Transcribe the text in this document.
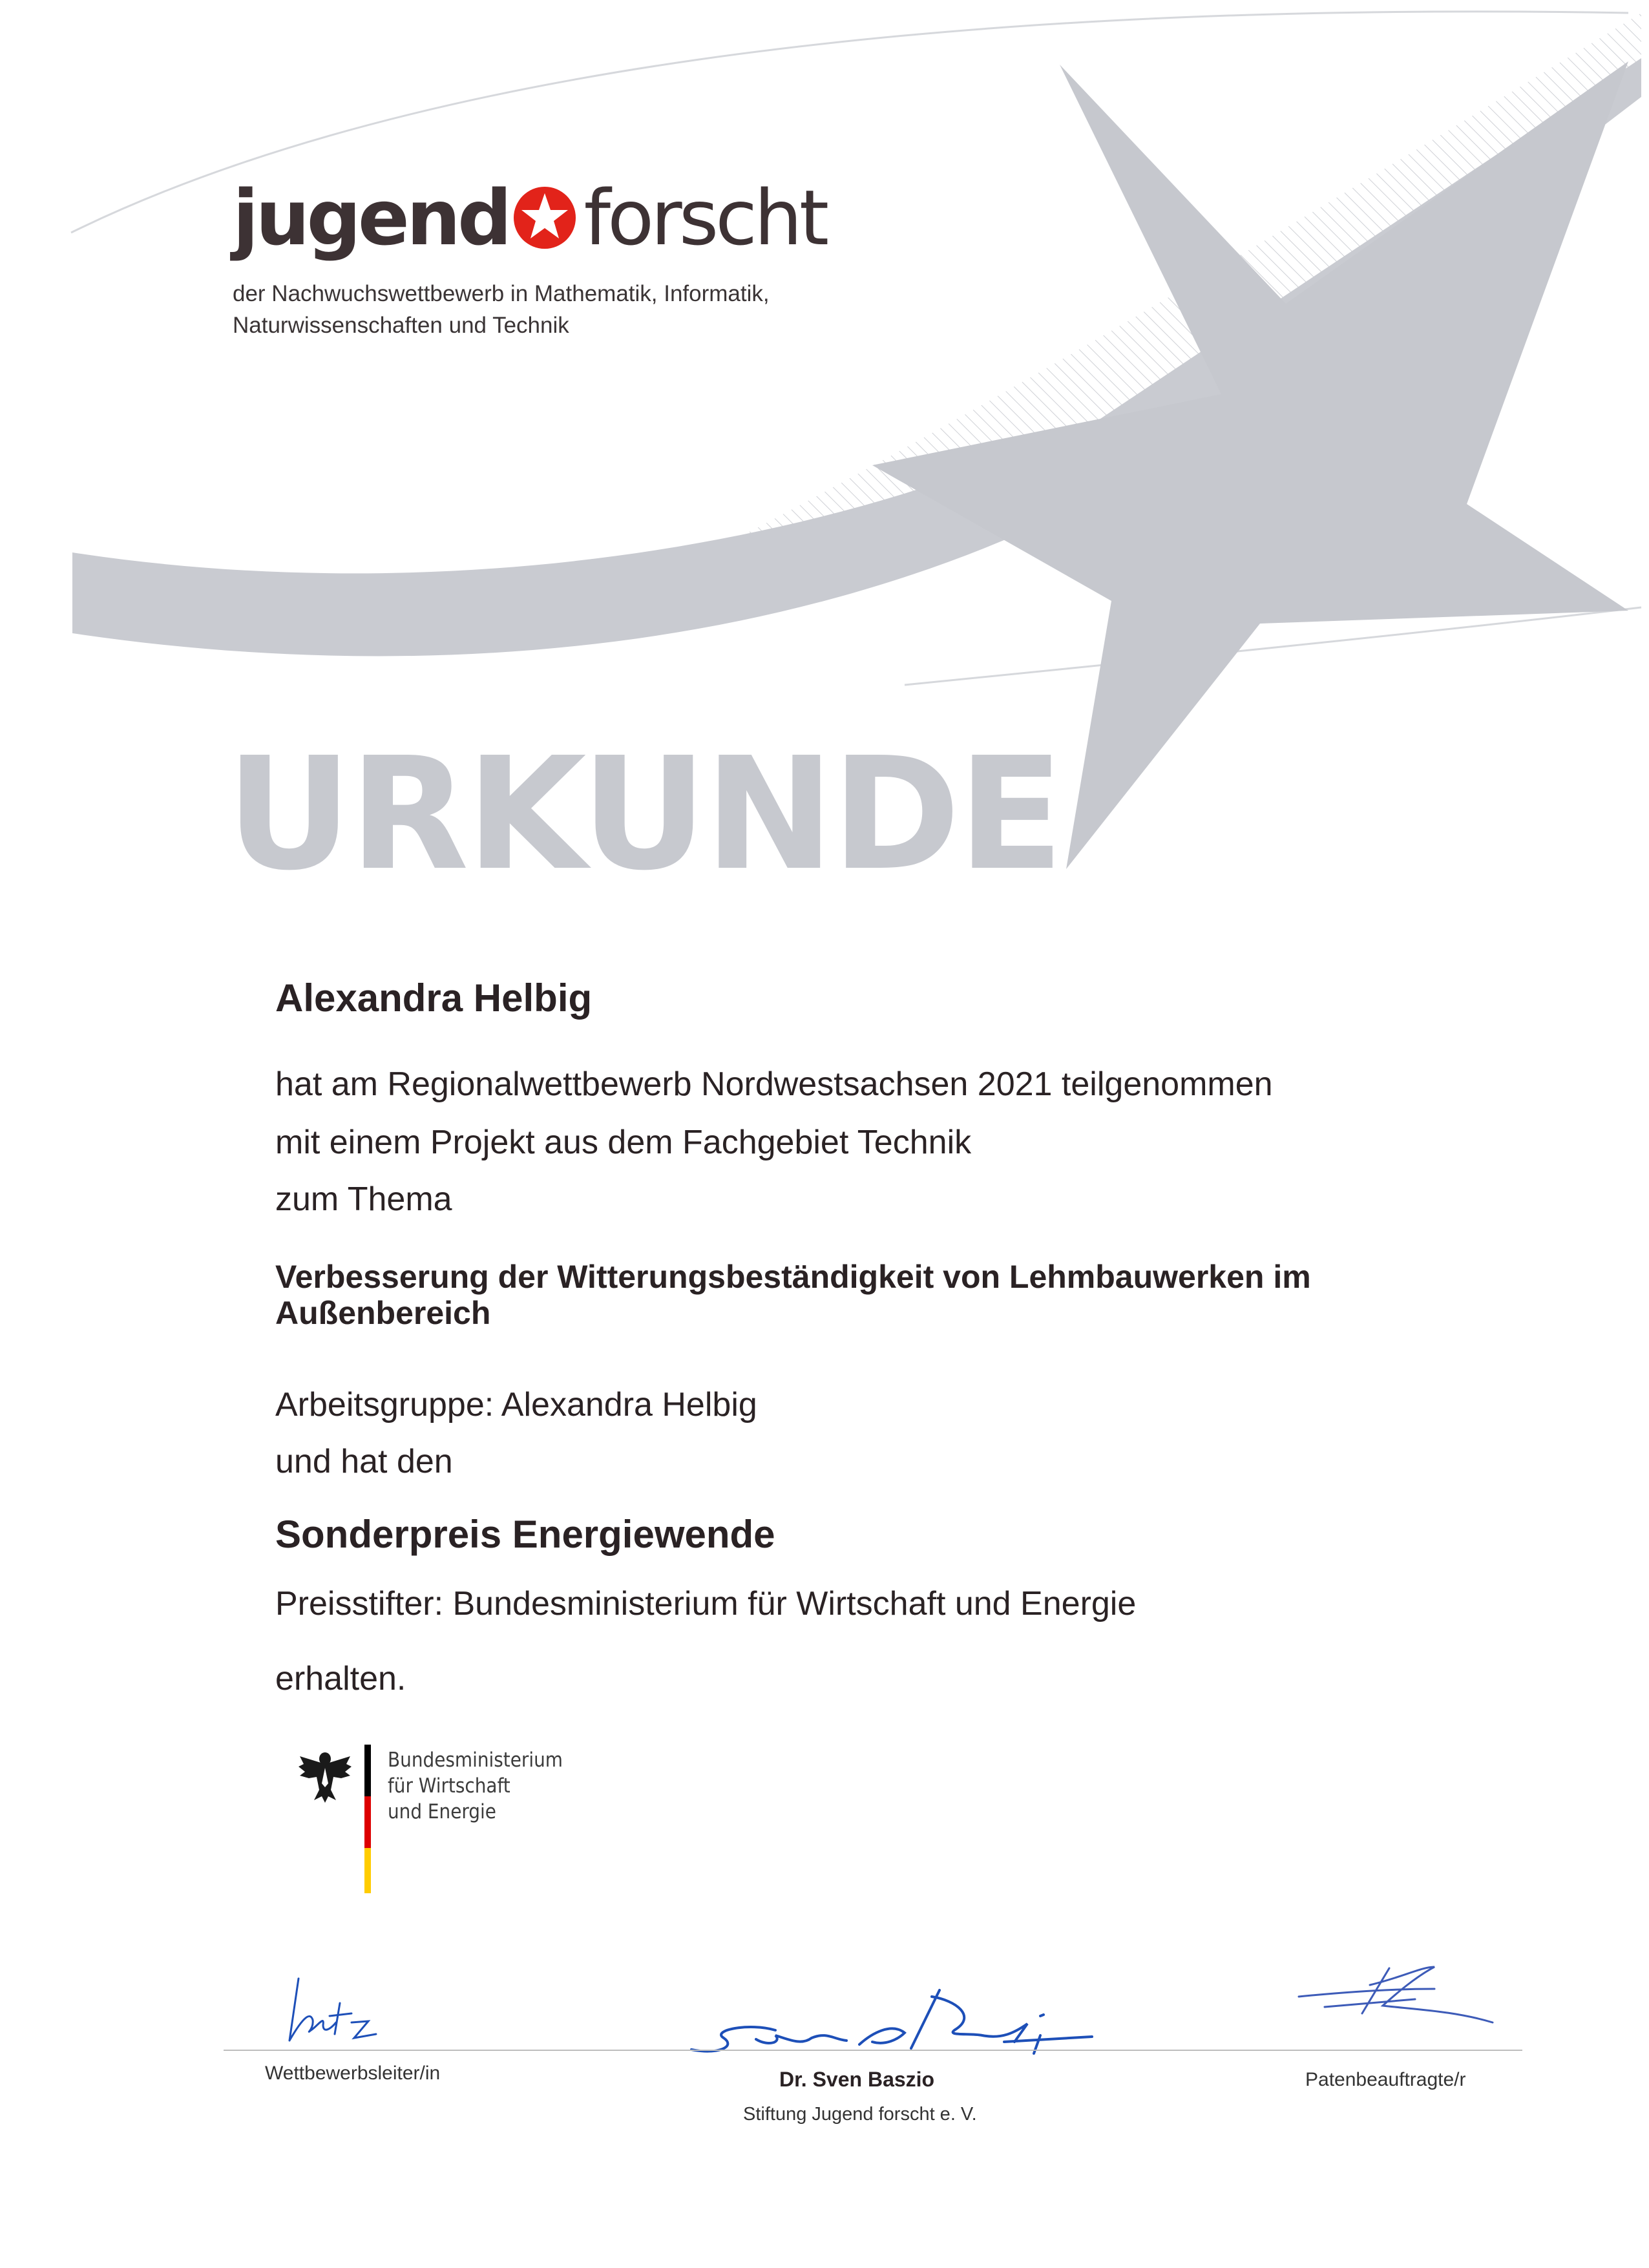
jugend forscht
der Nachwuchswettbewerb in Mathematik, Informatik,
Naturwissenschaften und Technik
URKUNDE
Alexandra Helbig
hat am Regionalwettbewerb Nordwestsachsen 2021 teilgenommen
mit einem Projekt aus dem Fachgebiet Technik
zum Thema
Verbesserung der Witterungsbeständigkeit von Lehmbauwerken im
Außenbereich
Arbeitsgruppe: Alexandra Helbig
und hat den
Sonderpreis Energiewende
Preisstifter: Bundesministerium für Wirtschaft und Energie
erhalten.
Bundesministerium
für Wirtschaft
und Energie
Wettbewerbsleiter/in	Dr. Sven Baszio
Stiftung Jugend forscht e. V.
Patenbeauftragte/r
